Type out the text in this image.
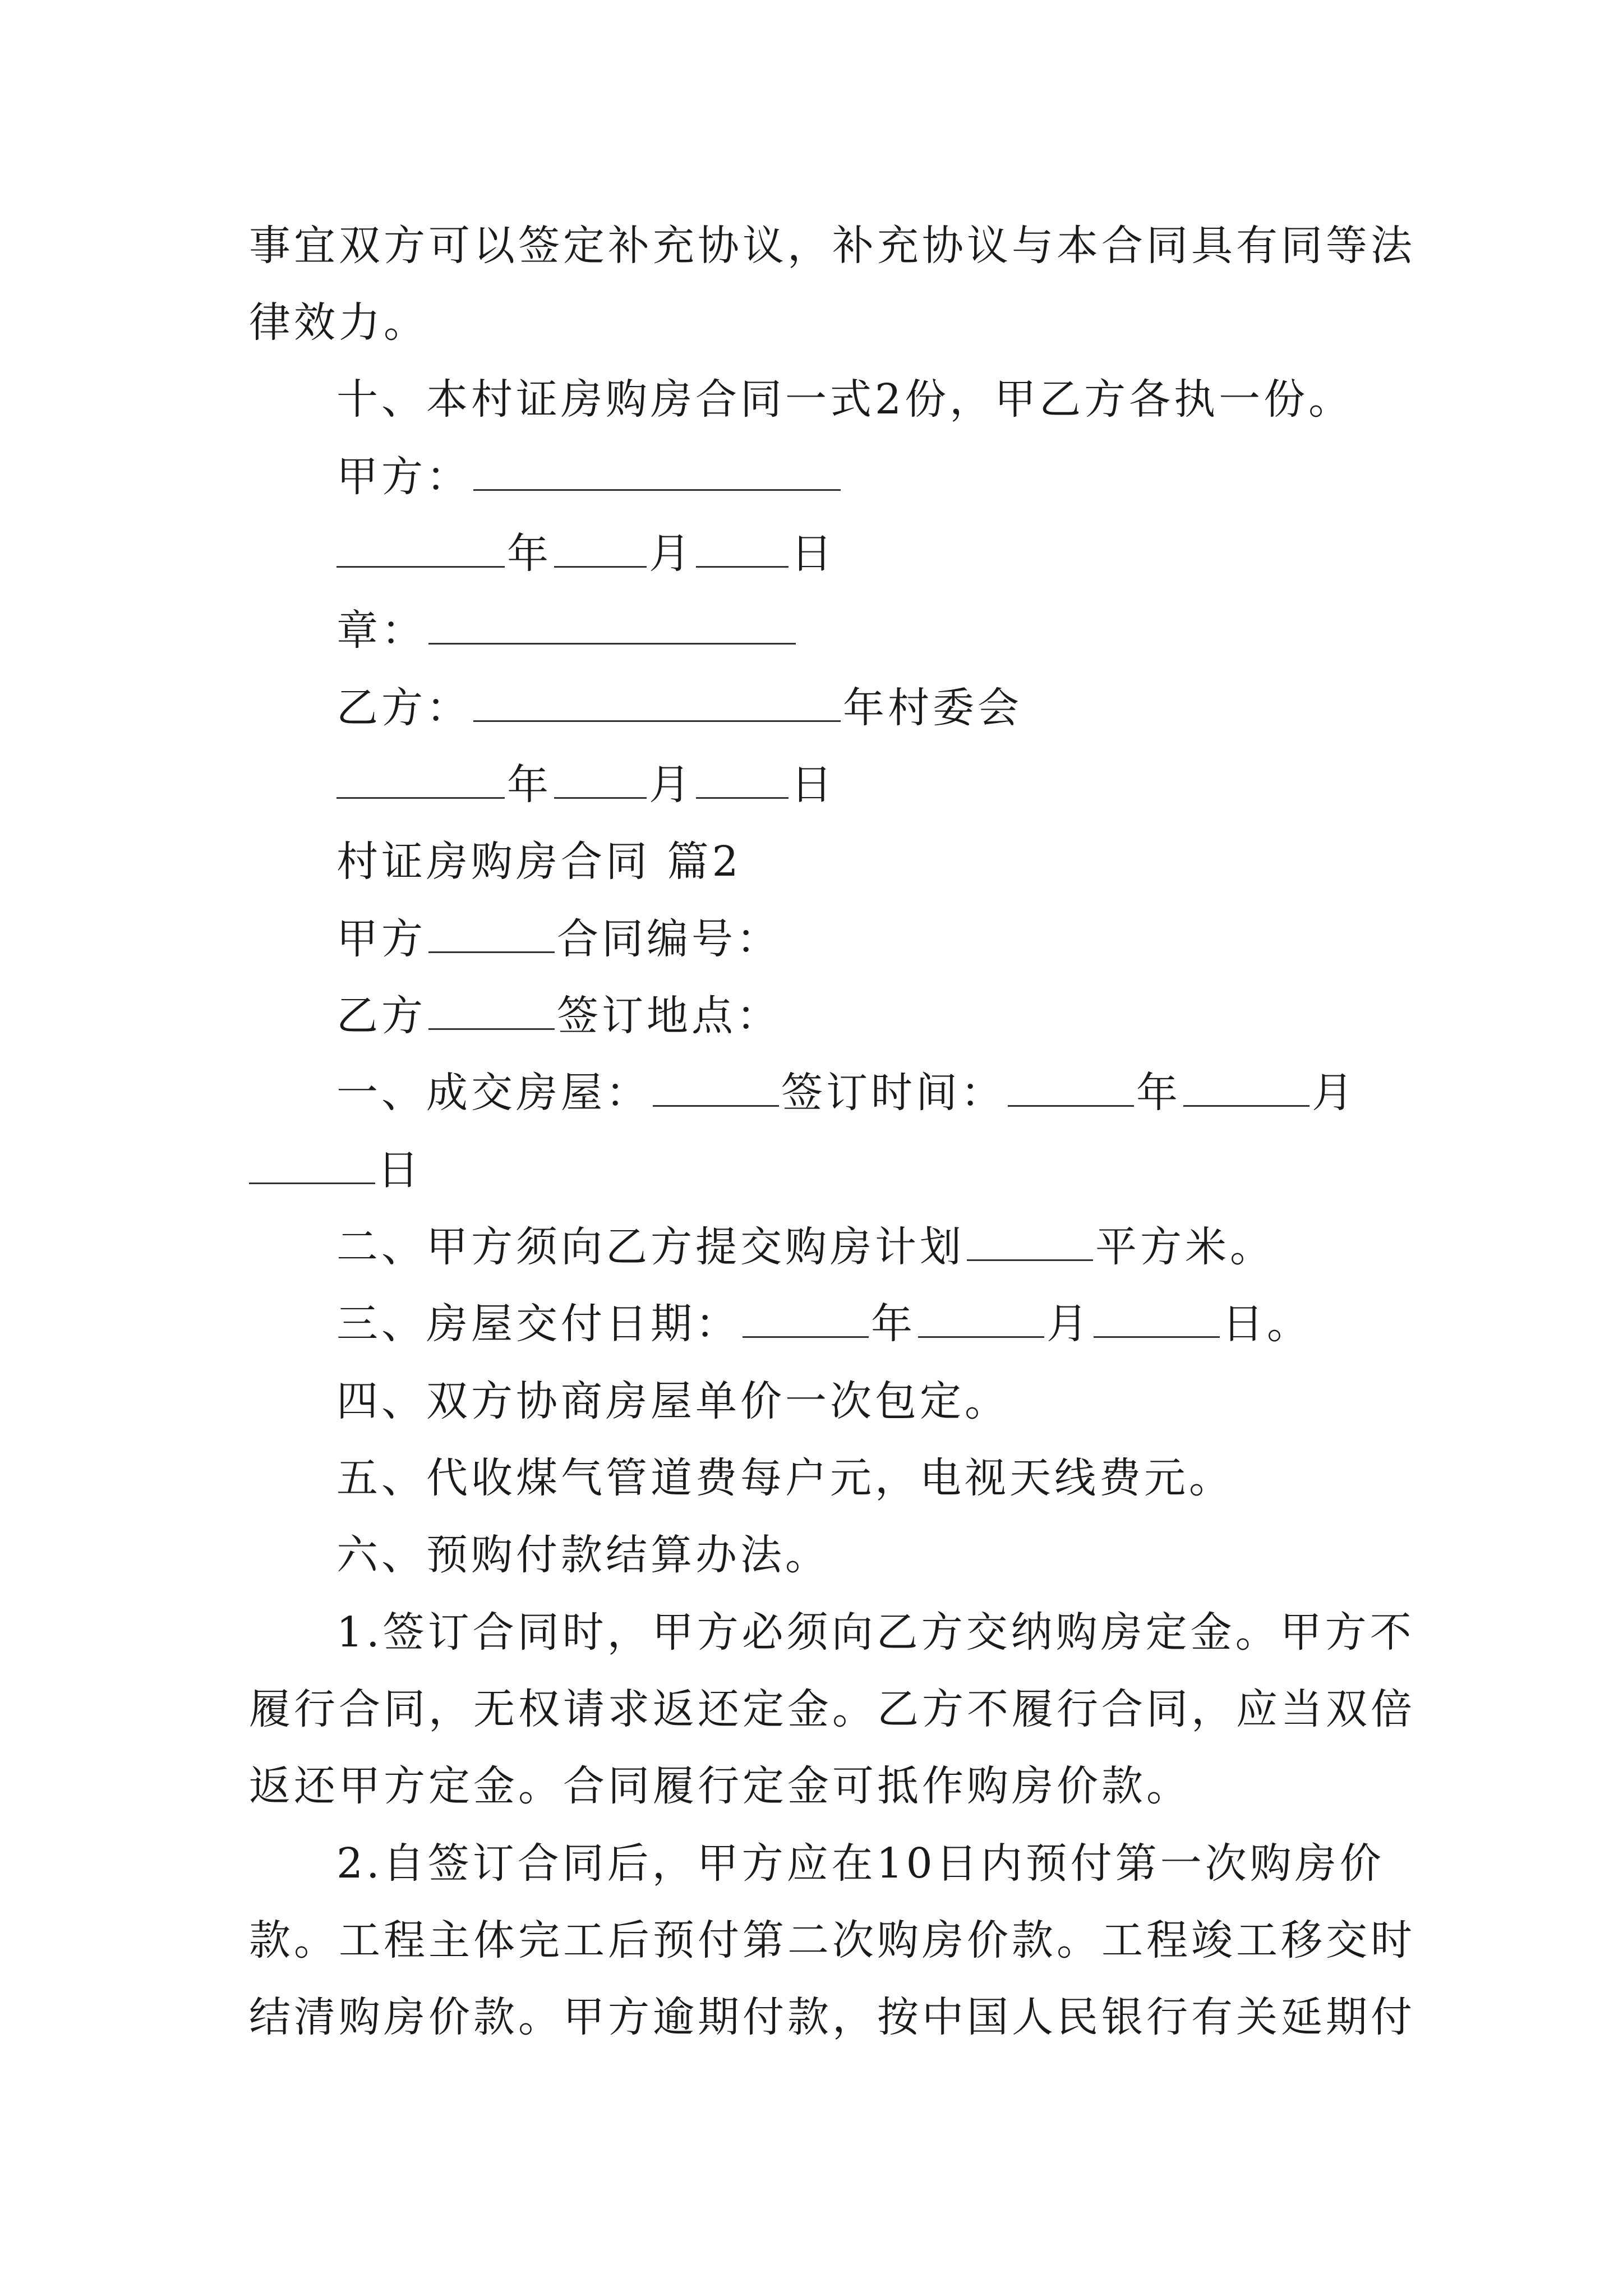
事宜双方可以签定补充协议，补充协议与本合同具有同等法
律效力。
十、本村证房购房合同一式2份，甲乙方各执一份。
甲方：
年 月 日
章：
乙方：	年村委会
年 月 日
村证房购房合同 篇2
甲方	合同编号：
乙方	签订地点：
一、成交房屋：	签订时间：	年	月
日
二、甲方须向乙方提交购房计划	平方米。
三、房屋交付日期：	年	月	日。
四、双方协商房屋单价一次包定。
五、代收煤气管道费每户元，电视天线费元。
六、预购付款结算办法。
1.签订合同时，甲方必须向乙方交纳购房定金。甲方不
履行合同，无权请求返还定金。乙方不履行合同，应当双倍
返还甲方定金。合同履行定金可抵作购房价款。
2.自签订合同后，甲方应在10日内预付第一次购房价
款。工程主体完工后预付第二次购房价款。工程竣工移交时
结清购房价款。甲方逾期付款，按中国人民银行有关延期付
